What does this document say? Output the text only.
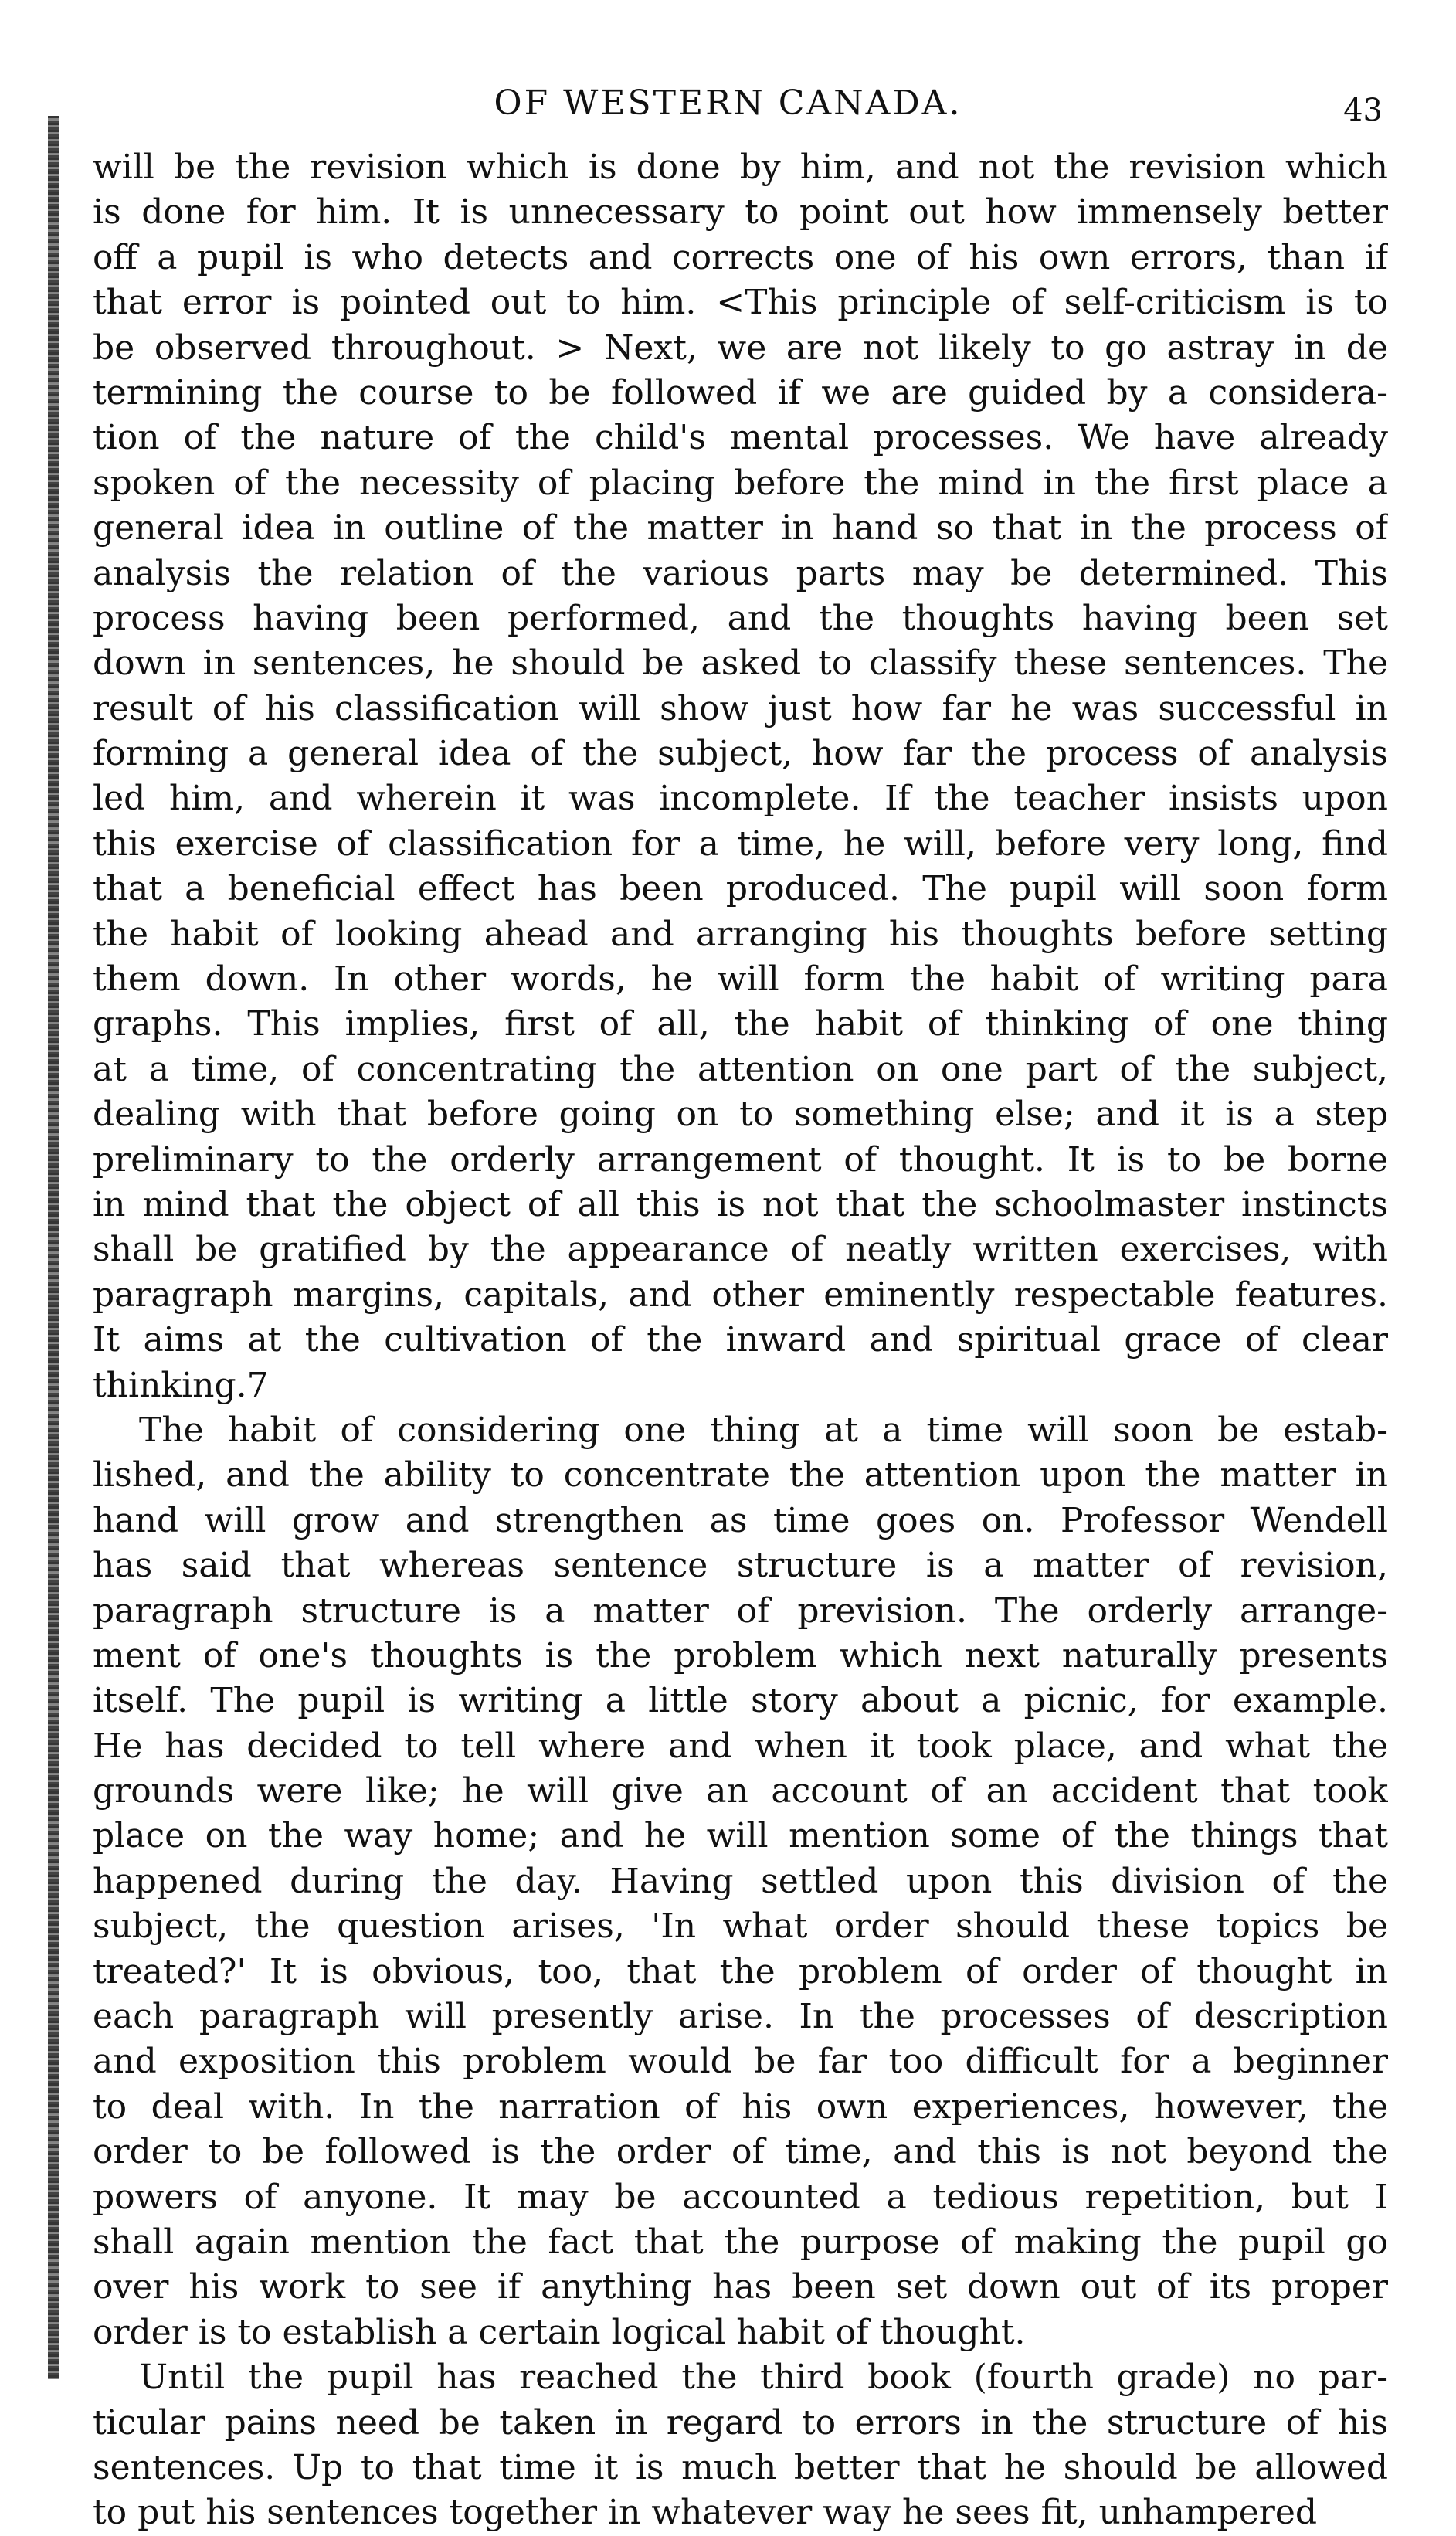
OF WESTERN CANADA.	43
will be the revision which is done by him, and not the revision which
is done for him. It is unnecessary to point out how immensely better
off a pupil is who detects and corrects one of his own errors, than if
that error is pointed out to him. <This principle of self-criticism is to
be observed throughout. > Next, we are not likely to go astray in de
termining the course to be followed if we are guided by a considera-
tion of the nature of the child's mental processes. We have already
spoken of the necessity of placing before the mind in the first place a
general idea in outline of the matter in hand so that in the process of
analysis the relation of the various parts may be determined. This
process having been performed, and the thoughts having been set
down in sentences, he should be asked to classify these sentences. The
result of his classification will show just how far he was successful in
forming a general idea of the subject, how far the process of analysis
led him, and wherein it was incomplete. If the teacher insists upon
this exercise of classification for a time, he will, before very long, find
that a beneficial effect has been produced. The pupil will soon form
the habit of looking ahead and arranging his thoughts before setting
them down. In other words, he will form the habit of writing para
graphs. This implies, first of all, the habit of thinking of one thing
at a time, of concentrating the attention on one part of the subject,
dealing with that before going on to something else; and it is a step
preliminary to the orderly arrangement of thought. It is to be borne
in mind that the object of all this is not that the schoolmaster instincts
shall be gratified by the appearance of neatly written exercises, with
paragraph margins, capitals, and other eminently respectable features.
It aims at the cultivation of the inward and spiritual grace of clear
thinking.7
The habit of considering one thing at a time will soon be estab-
lished, and the ability to concentrate the attention upon the matter in
hand will grow and strengthen as time goes on. Professor Wendell
has said that whereas sentence structure is a matter of revision,
paragraph structure is a matter of prevision. The orderly arrange-
ment of one's thoughts is the problem which next naturally presents
itself. The pupil is writing a little story about a picnic, for example.
He has decided to tell where and when it took place, and what the
grounds were like; he will give an account of an accident that took
place on the way home; and he will mention some of the things that
happened during the day. Having settled upon this division of the
subject, the question arises, 'In what order should these topics be
treated?' It is obvious, too, that the problem of order of thought in
each paragraph will presently arise. In the processes of description
and exposition this problem would be far too difficult for a beginner
to deal with. In the narration of his own experiences, however, the
order to be followed is the order of time, and this is not beyond the
powers of anyone. It may be accounted a tedious repetition, but I
shall again mention the fact that the purpose of making the pupil go
over his work to see if anything has been set down out of its proper
order is to establish a certain logical habit of thought.
Until the pupil has reached the third book (fourth grade) no par-
ticular pains need be taken in regard to errors in the structure of his
sentences. Up to that time it is much better that he should be allowed
to put his sentences together in whatever way he sees fit, unhampered
